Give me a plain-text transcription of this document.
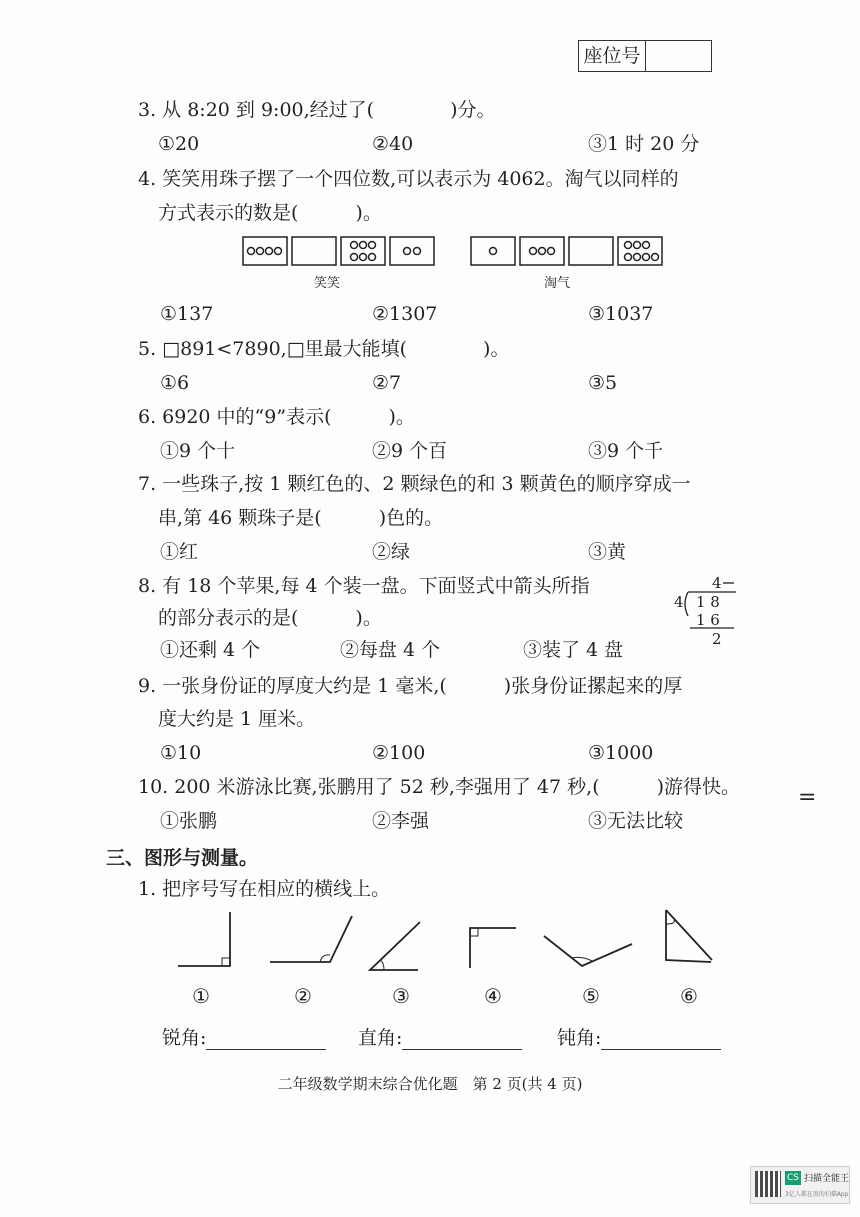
座位号
3. 从 8:20 到 9:00,经过了(　　　　)分。
①20	②40	③1 时 20 分
4. 笑笑用珠子摆了一个四位数,可以表示为 4062。淘气以同样的
方式表示的数是(　　　)。
笑笑	淘气
①137	②1307	③1037
5. □891<7890,□里最大能填(　　　　)。
①6	②7	③5
6. 6920 中的“9”表示(　　　)。
①9 个十	②9 个百	③9 个千
7. 一些珠子,按 1 颗红色的、2 颗绿色的和 3 颗黄色的顺序穿成一
串,第 46 颗珠子是(　　　)色的。
①红	②绿	③黄
8. 有 18 个苹果,每 4 个装一盘。下面竖式中箭头所指
的部分表示的是(　　　)。
①还剩 4 个	②每盘 4 个	③装了 4 盘
4
4 1 8
1 6
2
9. 一张身份证的厚度大约是 1 毫米,(　　　)张身份证摞起来的厚
度大约是 1 厘米。
①10	②100	③1000
10. 200 米游泳比赛,张鹏用了 52 秒,李强用了 47 秒,(　　　)游得快。
①张鹏	②李强	③无法比较
=
三、图形与测量。
1. 把序号写在相应的横线上。
①	②	③	④	⑤	⑥
锐角:	直角:	钝角:
二年级数学期末综合优化题　第 2 页(共 4 页)
CS 扫描全能王
3亿人都在用的扫描App
